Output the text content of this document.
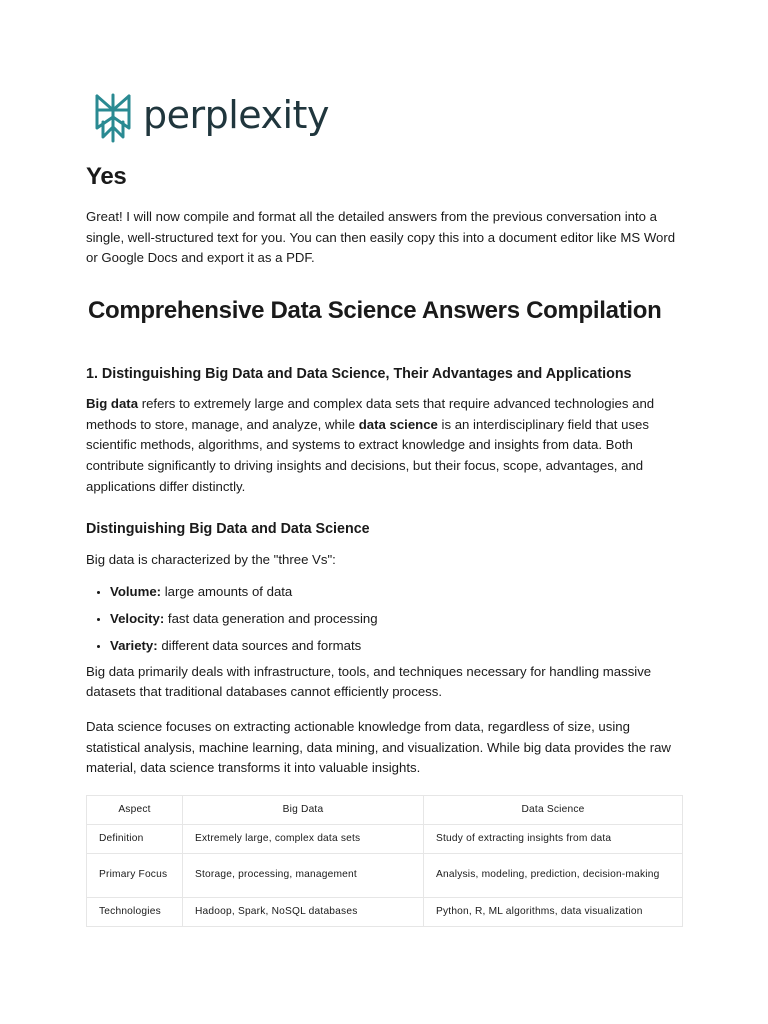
perplexity
Yes

Great! I will now compile and format all the detailed answers from the previous conversation into a single, well-structured text for you. You can then easily copy this into a document editor like MS Word or Google Docs and export it as a PDF.

Comprehensive Data Science Answers Compilation
1. Distinguishing Big Data and Data Science, Their Advantages and Applications

Big data refers to extremely large and complex data sets that require advanced technologies and methods to store, manage, and analyze, while data science is an interdisciplinary field that uses scientific methods, algorithms, and systems to extract knowledge and insights from data. Both contribute significantly to driving insights and decisions, but their focus, scope, advantages, and applications differ distinctly.

Distinguishing Big Data and Data Science

Big data is characterized by the "three Vs":

• Volume: large amounts of data
• Velocity: fast data generation and processing
• Variety: different data sources and formats

Big data primarily deals with infrastructure, tools, and techniques necessary for handling massive datasets that traditional databases cannot efficiently process.

Data science focuses on extracting actionable knowledge from data, regardless of size, using statistical analysis, machine learning, data mining, and visualization. While big data provides the raw material, data science transforms it into valuable insights.

Aspect	Big Data	Data Science
Definition	Extremely large, complex data sets	Study of extracting insights from data
Primary Focus	Storage, processing, management	Analysis, modeling, prediction, decision-making
Technologies	Hadoop, Spark, NoSQL databases	Python, R, ML algorithms, data visualization
